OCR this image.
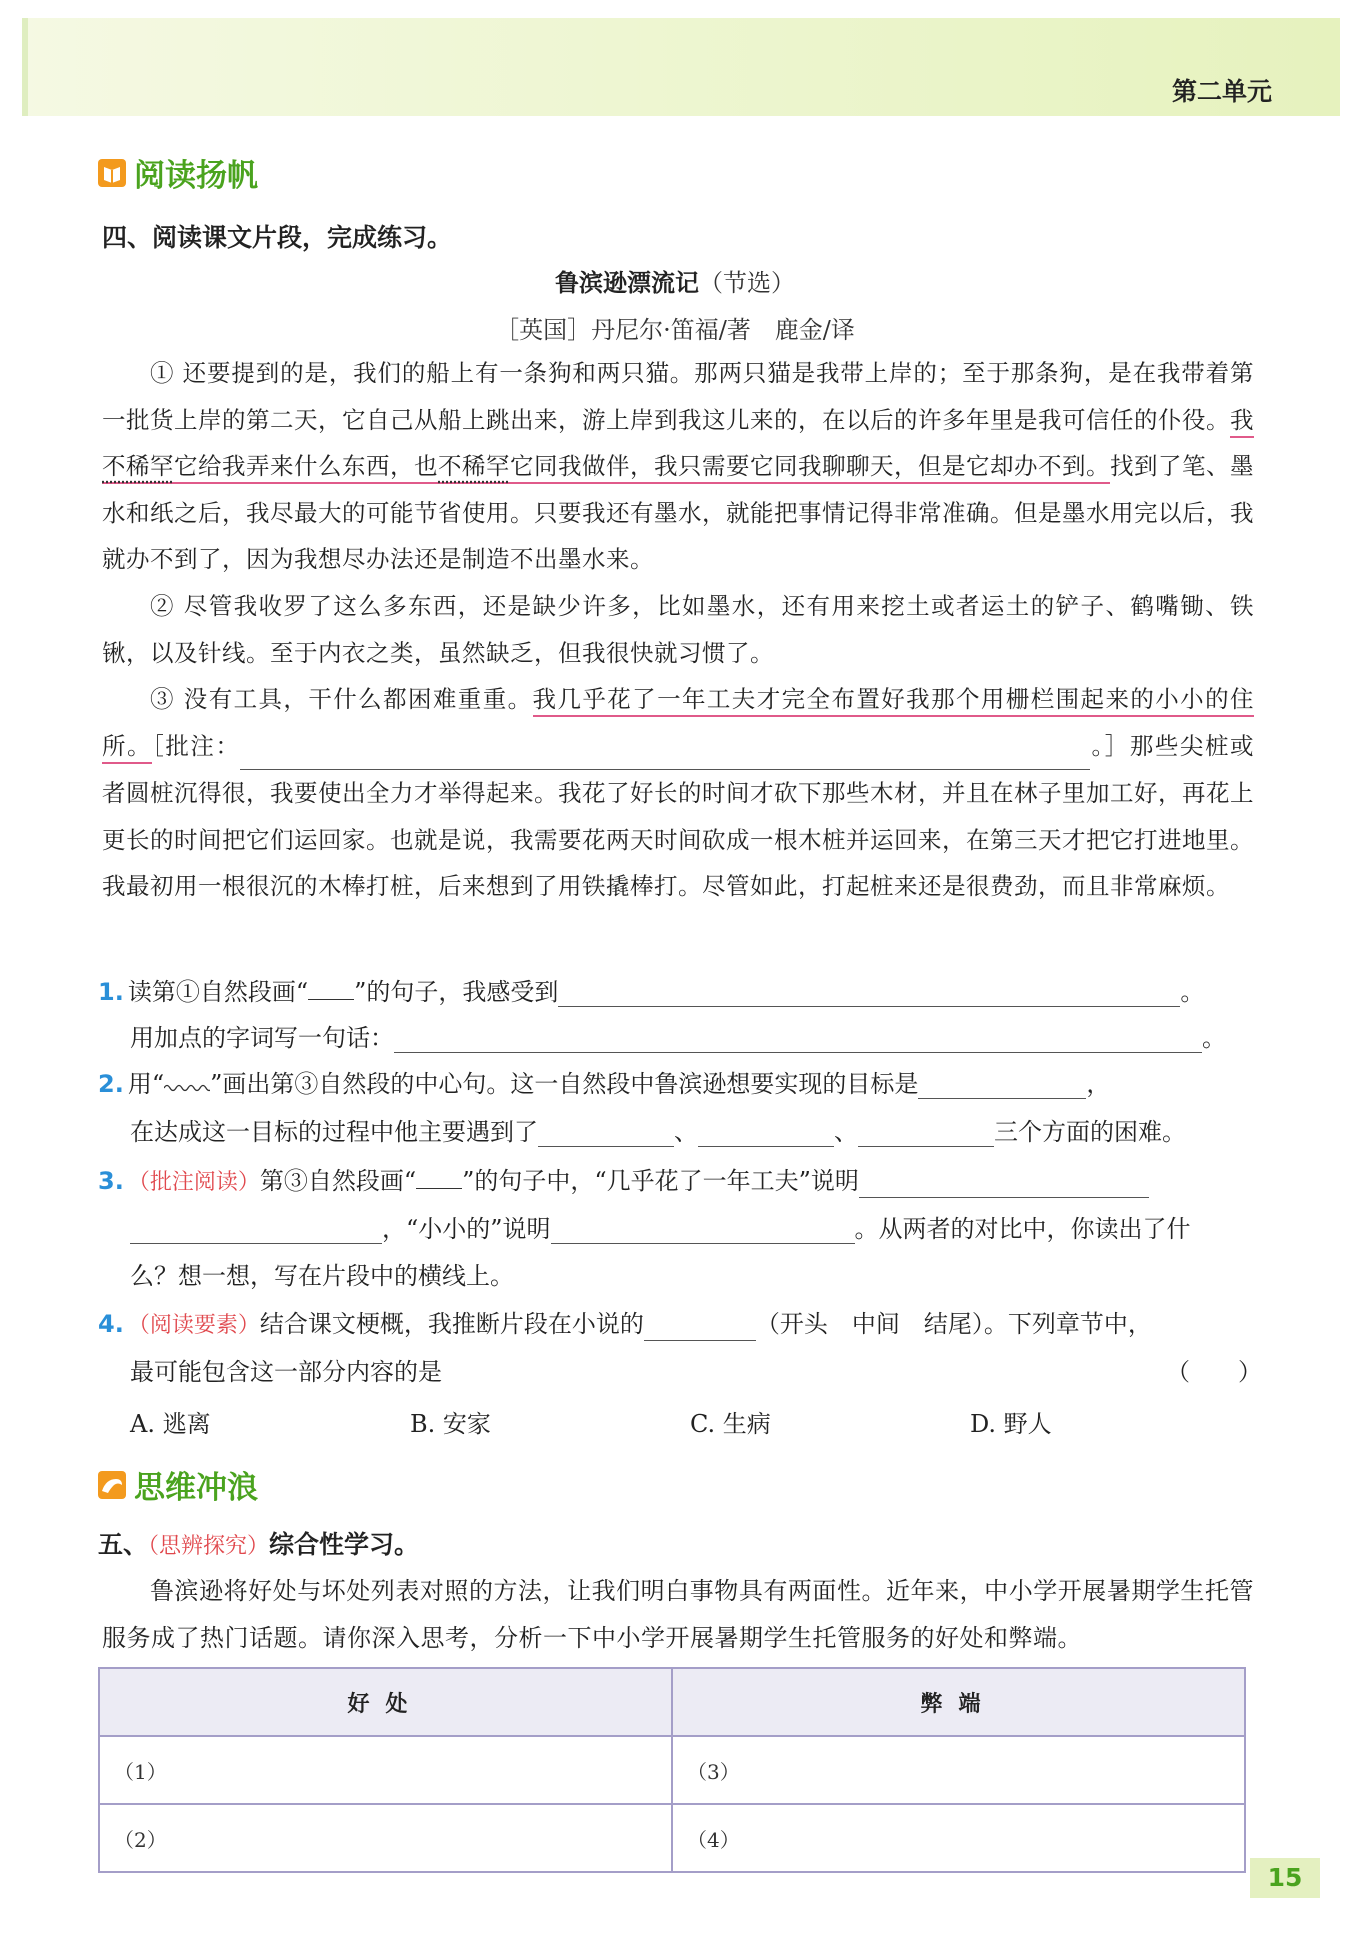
第二单元
阅读扬帆
四、阅读课文片段，完成练习。
鲁滨逊漂流记（节选）
［英国］丹尼尔·笛福/著　鹿金/译
① 还要提到的是，我们的船上有一条狗和两只猫。那两只猫是我带上岸的；至于那条狗，是在我带着第一批货上岸的第二天，它自己从船上跳出来，游上岸到我这儿来的，在以后的许多年里是我可信任的仆役。我不稀罕它给我弄来什么东西，也不稀罕它同我做伴，我只需要它同我聊聊天，但是它却办不到。找到了笔、墨水和纸之后，我尽最大的可能节省使用。只要我还有墨水，就能把事情记得非常准确。但是墨水用完以后，我就办不到了，因为我想尽办法还是制造不出墨水来。
② 尽管我收罗了这么多东西，还是缺少许多，比如墨水，还有用来挖土或者运土的铲子、鹤嘴锄、铁锹，以及针线。至于内衣之类，虽然缺乏，但我很快就习惯了。
③ 没有工具，干什么都困难重重。我几乎花了一年工夫才完全布置好我那个用栅栏围起来的小小的住所。［批注：	。］那些尖桩或者圆桩沉得很，我要使出全力才举得起来。我花了好长的时间才砍下那些木材，并且在林子里加工好，再花上更长的时间把它们运回家。也就是说，我需要花两天时间砍成一根木桩并运回来，在第三天才把它打进地里。我最初用一根很沉的木棒打桩，后来想到了用铁撬棒打。尽管如此，打起桩来还是很费劲，而且非常麻烦。
1. 读第①自然段画“ ”的句子，我感受到	。
用加点的字词写一句话：	。
2. 用“ ”画出第③自然段的中心句。这一自然段中鲁滨逊想要实现的目标是	，
在达成这一目标的过程中他主要遇到了	、	、	三个方面的困难。
3. （批注阅读）第③自然段画“ ”的句子中，“几乎花了一年工夫”说明
，“小小的”说明	。从两者的对比中，你读出了什
么？想一想，写在片段中的横线上。
4. （阅读要素）结合课文梗概，我推断片段在小说的	（开头　中间　结尾）。下列章节中，
最可能包含这一部分内容的是	（　　）
A. 逃离	B. 安家	C. 生病	D. 野人
思维冲浪
五、（思辨探究）综合性学习。
鲁滨逊将好处与坏处列表对照的方法，让我们明白事物具有两面性。近年来，中小学开展暑期学生托管服务成了热门话题。请你深入思考，分析一下中小学开展暑期学生托管服务的好处和弊端。
好处	弊端
（1）	（3）
（2）	（4）
15
